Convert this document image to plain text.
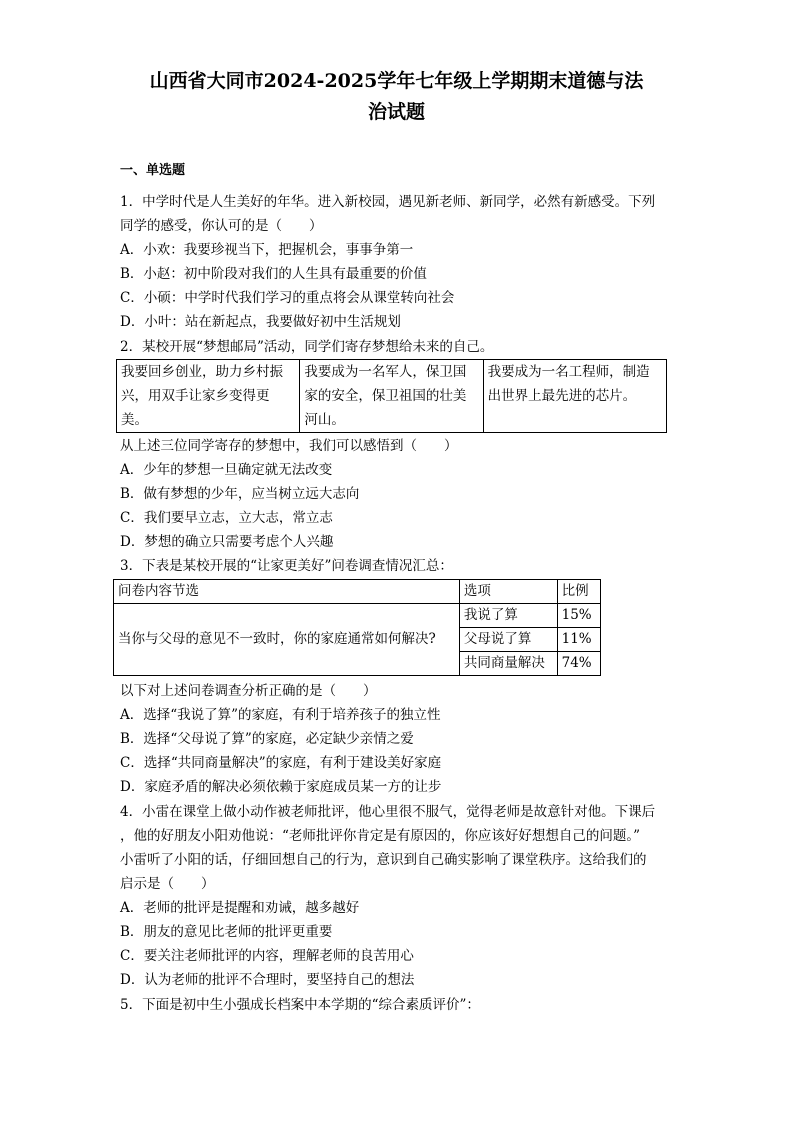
山西省大同市2024-2025学年七年级上学期期末道德与法
治试题
一、单选题
1．中学时代是人生美好的年华。进入新校园，遇见新老师、新同学，必然有新感受。下列
同学的感受，你认可的是（　　）
A．小欢：我要珍视当下，把握机会，事事争第一
B．小赵：初中阶段对我们的人生具有最重要的价值
C．小硕：中学时代我们学习的重点将会从课堂转向社会
D．小叶：站在新起点，我要做好初中生活规划
2．某校开展“梦想邮局”活动，同学们寄存梦想给未来的自己。
我要回乡创业，助力乡村振兴，用双手让家乡变得更美。	我要成为一名军人，保卫国家的安全，保卫祖国的壮美河山。	我要成为一名工程师，制造出世界上最先进的芯片。
从上述三位同学寄存的梦想中，我们可以感悟到（　　）
A．少年的梦想一旦确定就无法改变
B．做有梦想的少年，应当树立远大志向
C．我们要早立志，立大志，常立志
D．梦想的确立只需要考虑个人兴趣
3．下表是某校开展的“让家更美好”问卷调查情况汇总：
问卷内容节选	选项	比例
当你与父母的意见不一致时，你的家庭通常如何解决?	我说了算	15%
	父母说了算	11%
	共同商量解决	74%
以下对上述问卷调查分析正确的是（　　）
A．选择“我说了算”的家庭，有利于培养孩子的独立性
B．选择“父母说了算”的家庭，必定缺少亲情之爱
C．选择“共同商量解决”的家庭，有利于建设美好家庭
D．家庭矛盾的解决必须依赖于家庭成员某一方的让步
4．小雷在课堂上做小动作被老师批评，他心里很不服气，觉得老师是故意针对他。下课后
，他的好朋友小阳劝他说：“老师批评你肯定是有原因的，你应该好好想想自己的问题。”
小雷听了小阳的话，仔细回想自己的行为，意识到自己确实影响了课堂秩序。这给我们的
启示是（　　）
A．老师的批评是提醒和劝诫，越多越好
B．朋友的意见比老师的批评更重要
C．要关注老师批评的内容，理解老师的良苦用心
D．认为老师的批评不合理时，要坚持自己的想法
5．下面是初中生小强成长档案中本学期的“综合素质评价”：
